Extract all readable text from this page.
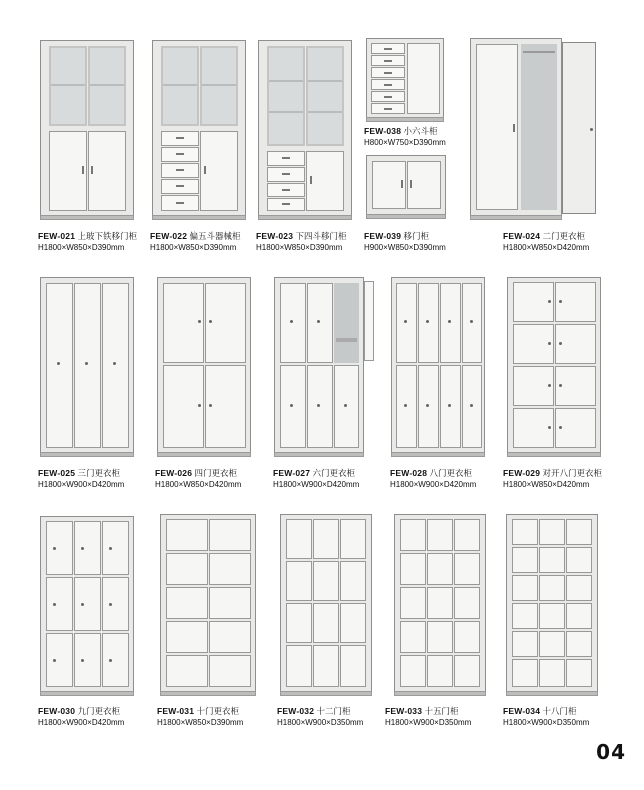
FEW-021 上玻下铁移门柜
H1800×W850×D390mm
FEW-022 偏五斗器械柜
H1800×W850×D390mm
FEW-023 下四斗移门柜
H1800×W850×D390mm
FEW-038 小六斗柜
H800×W750×D390mm
FEW-039 移门柜
H900×W850×D390mm
FEW-024 二门更衣柜
H1800×W850×D420mm
FEW-025 三门更衣柜
H1800×W900×D420mm
FEW-026 四门更衣柜
H1800×W850×D420mm
FEW-027 六门更衣柜
H1800×W900×D420mm
FEW-028 八门更衣柜
H1800×W900×D420mm
FEW-029 对开八门更衣柜
H1800×W850×D420mm
FEW-030 九门更衣柜
H1800×W900×D420mm
FEW-031 十门更衣柜
H1800×W850×D390mm
FEW-032 十二门柜
H1800×W900×D350mm
FEW-033 十五门柜
H1800×W900×D350mm
FEW-034 十八门柜
H1800×W900×D350mm
04
